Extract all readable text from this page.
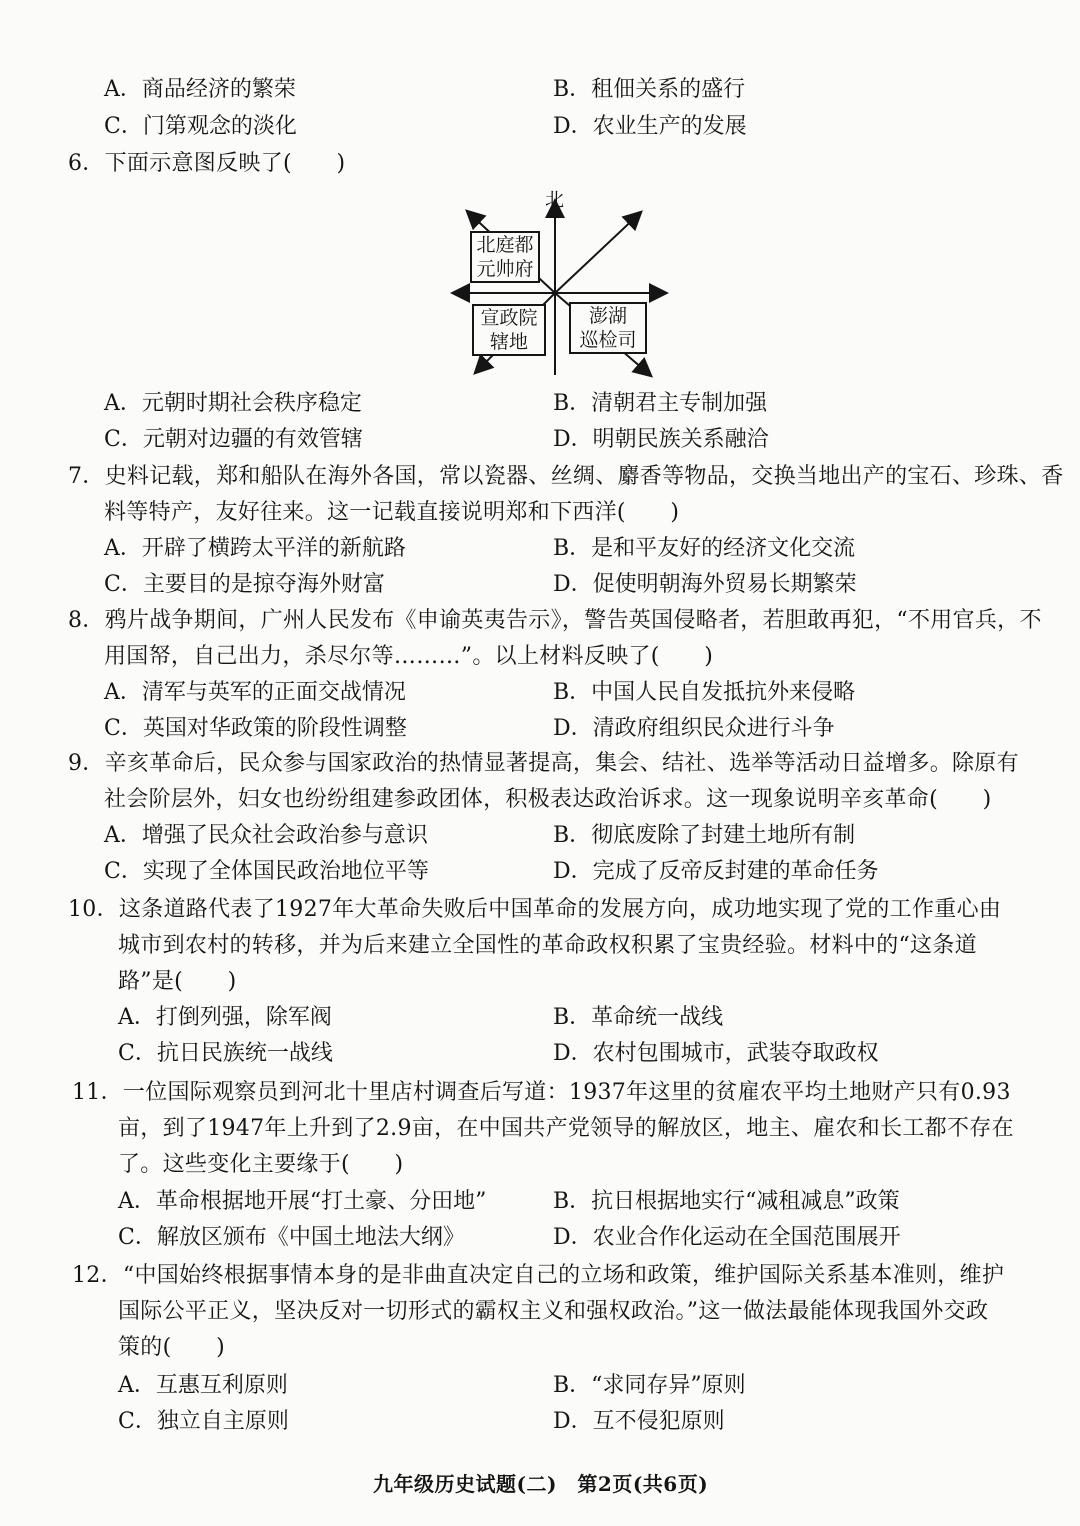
A．商品经济的繁荣	B．租佃关系的盛行
C．门第观念的淡化	D．农业生产的发展
6．下面示意图反映了(　　)
北
北庭都
元帅府
宣政院
辖地
澎湖
巡检司
A．元朝时期社会秩序稳定	B．清朝君主专制加强
C．元朝对边疆的有效管辖	D．明朝民族关系融洽
7．史料记载，郑和船队在海外各国，常以瓷器、丝绸、麝香等物品，交换当地出产的宝石、珍珠、香
料等特产，友好往来。这一记载直接说明郑和下西洋(　　)
A．开辟了横跨太平洋的新航路	B．是和平友好的经济文化交流
C．主要目的是掠夺海外财富	D．促使明朝海外贸易长期繁荣
8．鸦片战争期间，广州人民发布《申谕英夷告示》，警告英国侵略者，若胆敢再犯，“不用官兵，不
用国帑，自己出力，杀尽尔等………”。以上材料反映了(　　)
A．清军与英军的正面交战情况	B．中国人民自发抵抗外来侵略
C．英国对华政策的阶段性调整	D．清政府组织民众进行斗争
9．辛亥革命后，民众参与国家政治的热情显著提高，集会、结社、选举等活动日益增多。除原有
社会阶层外，妇女也纷纷组建参政团体，积极表达政治诉求。这一现象说明辛亥革命(　　)
A．增强了民众社会政治参与意识	B．彻底废除了封建土地所有制
C．实现了全体国民政治地位平等	D．完成了反帝反封建的革命任务
10．这条道路代表了1927年大革命失败后中国革命的发展方向，成功地实现了党的工作重心由
城市到农村的转移，并为后来建立全国性的革命政权积累了宝贵经验。材料中的“这条道
路”是(　　)
A．打倒列强，除军阀	B．革命统一战线
C．抗日民族统一战线	D．农村包围城市，武装夺取政权
11．一位国际观察员到河北十里店村调查后写道：1937年这里的贫雇农平均土地财产只有0.93
亩，到了1947年上升到了2.9亩，在中国共产党领导的解放区，地主、雇农和长工都不存在
了。这些变化主要缘于(　　)
A．革命根据地开展“打土豪、分田地”	B．抗日根据地实行“减租减息”政策
C．解放区颁布《中国土地法大纲》	D．农业合作化运动在全国范围展开
12．“中国始终根据事情本身的是非曲直决定自己的立场和政策，维护国际关系基本准则，维护
国际公平正义，坚决反对一切形式的霸权主义和强权政治。”这一做法最能体现我国外交政
策的(　　)
A．互惠互利原则	B．“求同存异”原则
C．独立自主原则	D．互不侵犯原则
九年级历史试题(二)　第2页(共6页)
